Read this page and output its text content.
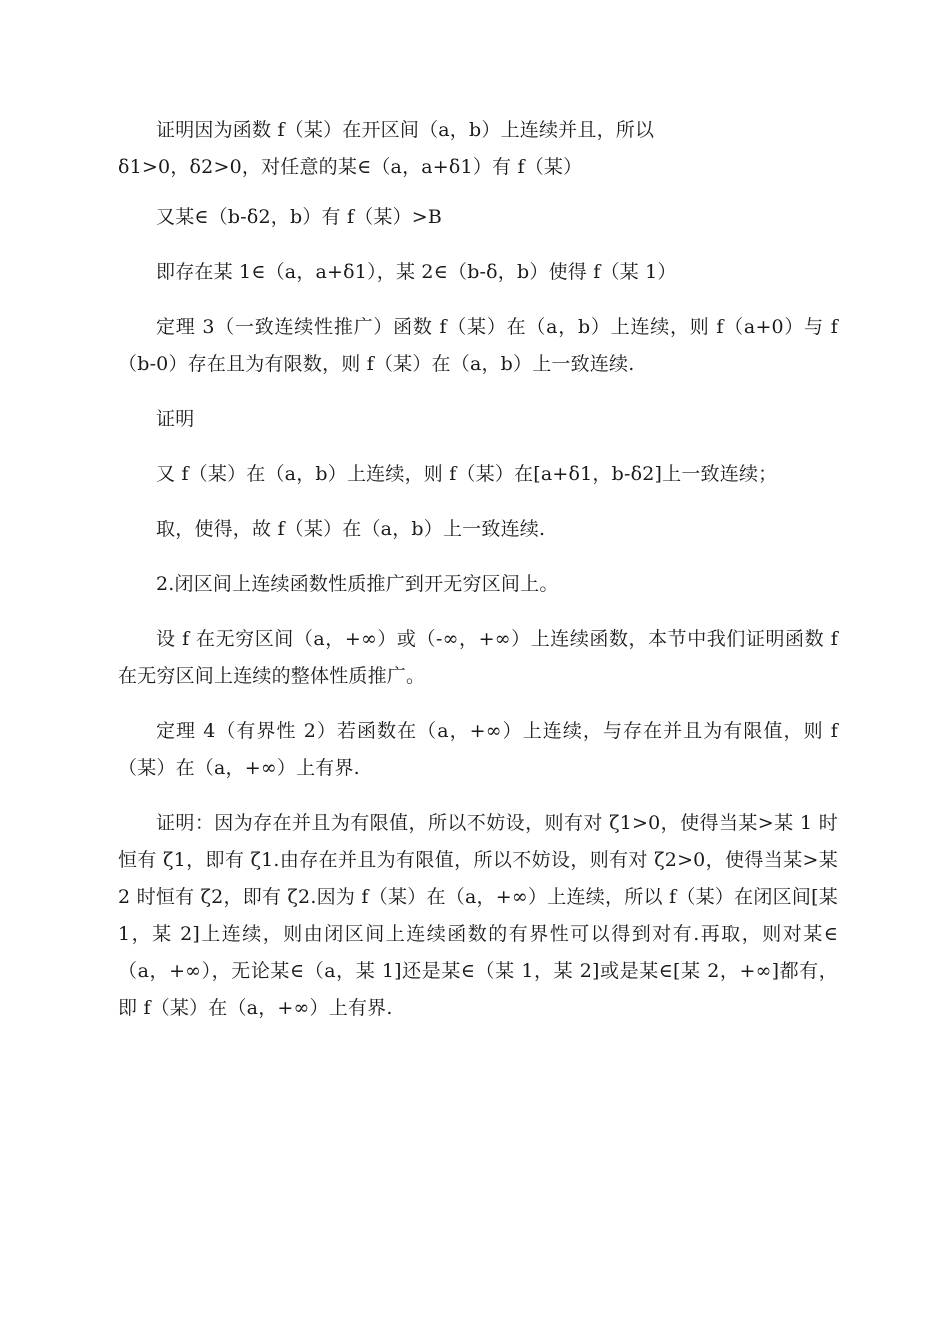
证明因为函数 f（某）在开区间（a，b）上连续并且，所以
δ1>0，δ2>0，对任意的某∈（a，a+δ1）有 f（某）

又某∈（b-δ2，b）有 f（某）>B

即存在某 1∈（a，a+δ1），某 2∈（b-δ，b）使得 f（某 1）

定理 3（一致连续性推广）函数 f（某）在（a，b）上连续，则 f（a+0）与 f（b-0）存在且为有限数，则 f（某）在（a，b）上一致连续.

证明

又 f（某）在（a，b）上连续，则 f（某）在[a+δ1，b-δ2]上一致连续；

取，使得，故 f（某）在（a，b）上一致连续.

2.闭区间上连续函数性质推广到开无穷区间上。

设 f 在无穷区间（a，+∞）或（-∞，+∞）上连续函数，本节中我们证明函数 f 在无穷区间上连续的整体性质推广。

定理 4（有界性 2）若函数在（a，+∞）上连续，与存在并且为有限值，则 f（某）在（a，+∞）上有界.

证明：因为存在并且为有限值，所以不妨设，则有对 ζ1>0，使得当某>某 1 时恒有 ζ1，即有 ζ1.由存在并且为有限值，所以不妨设，则有对 ζ2>0，使得当某>某 2 时恒有 ζ2，即有 ζ2.因为 f（某）在（a，+∞）上连续，所以 f（某）在闭区间[某 1，某 2]上连续，则由闭区间上连续函数的有界性可以得到对有.再取，则对某∈（a，+∞），无论某∈（a，某 1]还是某∈（某 1，某 2]或是某∈[某 2，+∞]都有，即 f（某）在（a，+∞）上有界.
